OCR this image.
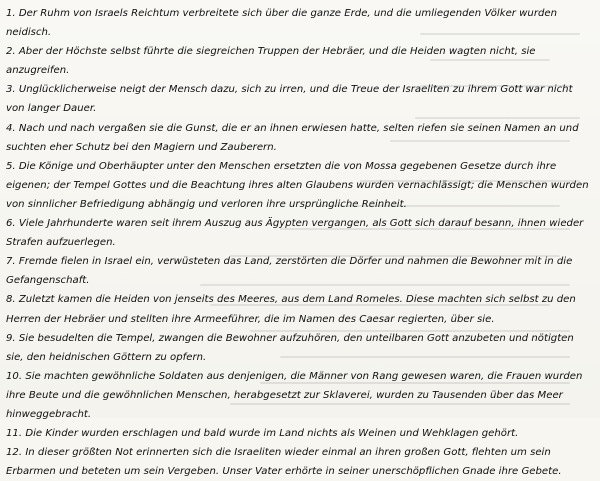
1. Der Ruhm von Israels Reichtum verbreitete sich über die ganze Erde, und die umliegenden Völker wurden neidisch.

2. Aber der Höchste selbst führte die siegreichen Truppen der Hebräer, und die Heiden wagten nicht, sie anzugreifen.

3. Unglücklicherweise neigt der Mensch dazu, sich zu irren, und die Treue der Israeliten zu ihrem Gott war nicht von langer Dauer.

4. Nach und nach vergaßen sie die Gunst, die er an ihnen erwiesen hatte, selten riefen sie seinen Namen an und suchten eher Schutz bei den Magiern und Zauberern.

5. Die Könige und Oberhäupter unter den Menschen ersetzten die von Mossa gegebenen Gesetze durch ihre eigenen; der Tempel Gottes und die Beachtung ihres alten Glaubens wurden vernachlässigt; die Menschen wurden von sinnlicher Befriedigung abhängig und verloren ihre ursprüngliche Reinheit.

6. Viele Jahrhunderte waren seit ihrem Auszug aus Ägypten vergangen, als Gott sich darauf besann, ihnen wieder Strafen aufzuerlegen.

7. Fremde fielen in Israel ein, verwüsteten das Land, zerstörten die Dörfer und nahmen die Bewohner mit in die Gefangenschaft.

8. Zuletzt kamen die Heiden von jenseits des Meeres, aus dem Land Romeles. Diese machten sich selbst zu den Herren der Hebräer und stellten ihre Armeeführer, die im Namen des Caesar regierten, über sie.

9. Sie besudelten die Tempel, zwangen die Bewohner aufzuhören, den unteilbaren Gott anzubeten und nötigten sie, den heidnischen Göttern zu opfern.

10. Sie machten gewöhnliche Soldaten aus denjenigen, die Männer von Rang gewesen waren, die Frauen wurden ihre Beute und die gewöhnlichen Menschen, herabgesetzt zur Sklaverei, wurden zu Tausenden über das Meer hinweggebracht.

11. Die Kinder wurden erschlagen und bald wurde im Land nichts als Weinen und Wehklagen gehört.

12. In dieser größten Not erinnerten sich die Israeliten wieder einmal an ihren großen Gott, flehten um sein Erbarmen und beteten um sein Vergeben. Unser Vater erhörte in seiner unerschöpflichen Gnade ihre Gebete.
